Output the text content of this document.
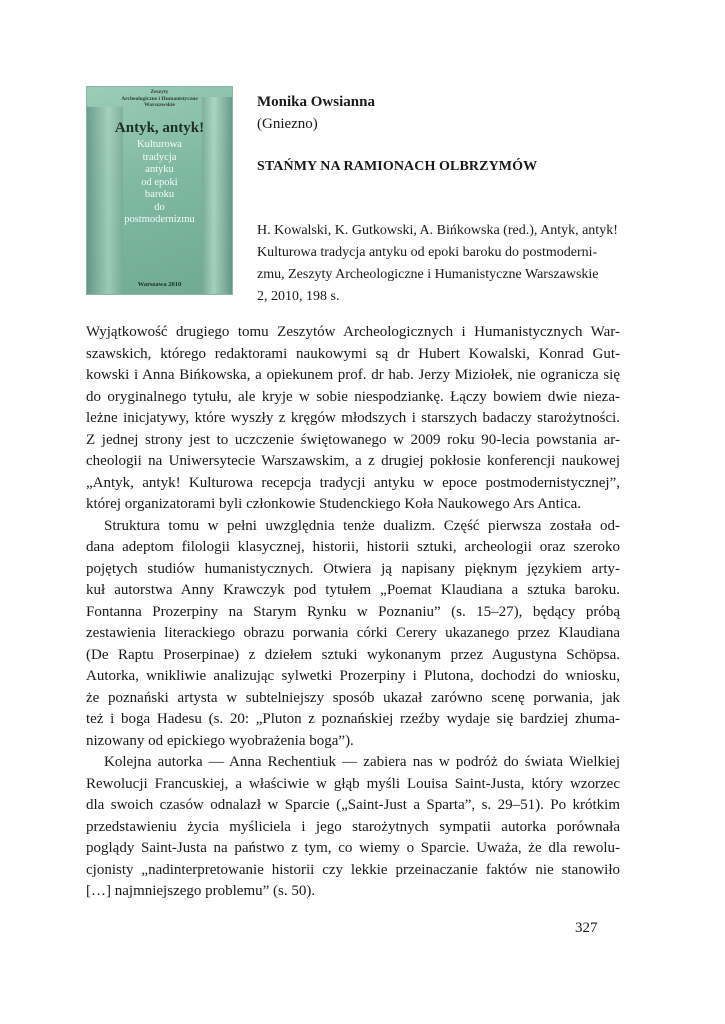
Zeszyty
Archeologiczne i Humanistyczne
Warszawskie
Antyk, antyk!
Kulturowa
tradycja
antyku
od epoki
baroku
do
postmodernizmu
Warszawa 2010
Monika Owsianna
(Gniezno)
STAŃMY NA RAMIONACH OLBRZYMÓW
H. Kowalski, K. Gutkowski, A. Bińkowska (red.), Antyk, antyk!
Kulturowa tradycja antyku od epoki baroku do postmoderni-
zmu, Zeszyty Archeologiczne i Humanistyczne Warszawskie
2, 2010, 198 s.
Wyjątkowość drugiego tomu Zeszytów Archeologicznych i Humanistycznych War-
szawskich, którego redaktorami naukowymi są dr Hubert Kowalski, Konrad Gut-
kowski i Anna Bińkowska, a opiekunem prof. dr hab. Jerzy Miziołek, nie ogranicza się
do oryginalnego tytułu, ale kryje w sobie niespodziankę. Łączy bowiem dwie nieza-
leżne inicjatywy, które wyszły z kręgów młodszych i starszych badaczy starożytności.
Z jednej strony jest to uczczenie świętowanego w 2009 roku 90-lecia powstania ar-
cheologii na Uniwersytecie Warszawskim, a z drugiej pokłosie konferencji naukowej
„Antyk, antyk! Kulturowa recepcja tradycji antyku w epoce postmodernistycznej”,
której organizatorami byli członkowie Studenckiego Koła Naukowego Ars Antica.
Struktura tomu w pełni uwzględnia tenże dualizm. Część pierwsza została od-
dana adeptom filologii klasycznej, historii, historii sztuki, archeologii oraz szeroko
pojętych studiów humanistycznych. Otwiera ją napisany pięknym językiem arty-
kuł autorstwa Anny Krawczyk pod tytułem „Poemat Klaudiana a sztuka baroku.
Fontanna Prozerpiny na Starym Rynku w Poznaniu” (s. 15–27), będący próbą
zestawienia literackiego obrazu porwania córki Cerery ukazanego przez Klaudiana
(De Raptu Proserpinae) z dziełem sztuki wykonanym przez Augustyna Schöpsa.
Autorka, wnikliwie analizując sylwetki Prozerpiny i Plutona, dochodzi do wniosku,
że poznański artysta w subtelniejszy sposób ukazał zarówno scenę porwania, jak
też i boga Hadesu (s. 20: „Pluton z poznańskiej rzeźby wydaje się bardziej zhuma-
nizowany od epickiego wyobrażenia boga”).
Kolejna autorka — Anna Rechentiuk — zabiera nas w podróż do świata Wielkiej
Rewolucji Francuskiej, a właściwie w głąb myśli Louisa Saint-Justa, który wzorzec
dla swoich czasów odnalazł w Sparcie („Saint-Just a Sparta”, s. 29–51). Po krótkim
przedstawieniu życia myśliciela i jego starożytnych sympatii autorka porównała
poglądy Saint-Justa na państwo z tym, co wiemy o Sparcie. Uważa, że dla rewolu-
cjonisty „nadinterpretowanie historii czy lekkie przeinaczanie faktów nie stanowiło
[…] najmniejszego problemu” (s. 50).
327
